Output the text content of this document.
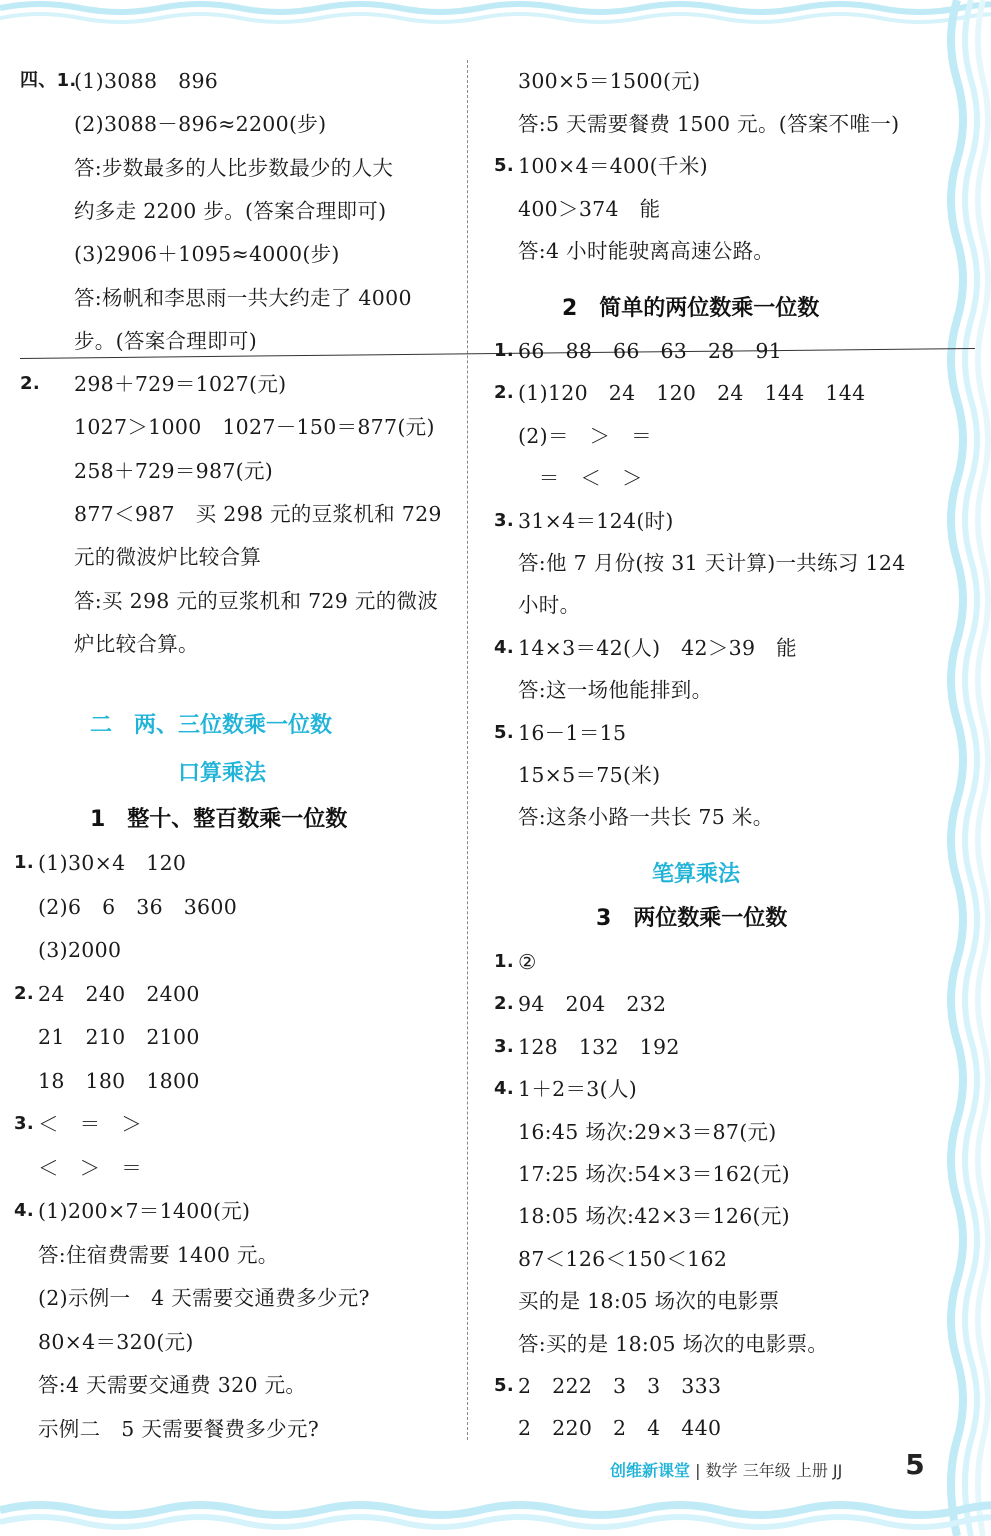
四、1.
(1)3088　896
(2)3088－896≈2200(步)
答:步数最多的人比步数最少的人大
约多走 2200 步。(答案合理即可)
(3)2906＋1095≈4000(步)
答:杨帆和李思雨一共大约走了 4000
步。(答案合理即可)
2. 298＋729＝1027(元)
1027＞1000　1027－150＝877(元)
258＋729＝987(元)
877＜987　买 298 元的豆浆机和 729
元的微波炉比较合算
答:买 298 元的豆浆机和 729 元的微波
炉比较合算。
二　两、三位数乘一位数
口算乘法
1　整十、整百数乘一位数
1. (1)30×4　120
(2)6　6　36　3600
(3)2000
2. 24　240　2400
21　210　2100
18　180　1800
3. ＜　＝　＞
＜　＞　＝
4. (1)200×7＝1400(元)
答:住宿费需要 1400 元。
(2)示例一　4 天需要交通费多少元?
80×4＝320(元)
答:4 天需要交通费 320 元。
示例二　5 天需要餐费多少元?
300×5＝1500(元)
答:5 天需要餐费 1500 元。(答案不唯一)
5. 100×4＝400(千米)
400＞374　能
答:4 小时能驶离高速公路。
2　简单的两位数乘一位数
1. 66　88　66　63　28　91
2. (1)120　24　120　24　144　144
(2)＝　＞　＝
　＝　＜　＞
3. 31×4＝124(时)
答:他 7 月份(按 31 天计算)一共练习 124
小时。
4. 14×3＝42(人)　42＞39　能
答:这一场他能排到。
5. 16－1＝15
15×5＝75(米)
答:这条小路一共长 75 米。
笔算乘法
3　两位数乘一位数
1. ②
2. 94　204　232
3. 128　132　192
4. 1＋2＝3(人)
16:45 场次:29×3＝87(元)
17:25 场次:54×3＝162(元)
18:05 场次:42×3＝126(元)
87＜126＜150＜162
买的是 18:05 场次的电影票
答:买的是 18:05 场次的电影票。
5. 2　222　3　3　333
2　220　2　4　440
创维新课堂 | 数学 三年级 上册 JJ 5
